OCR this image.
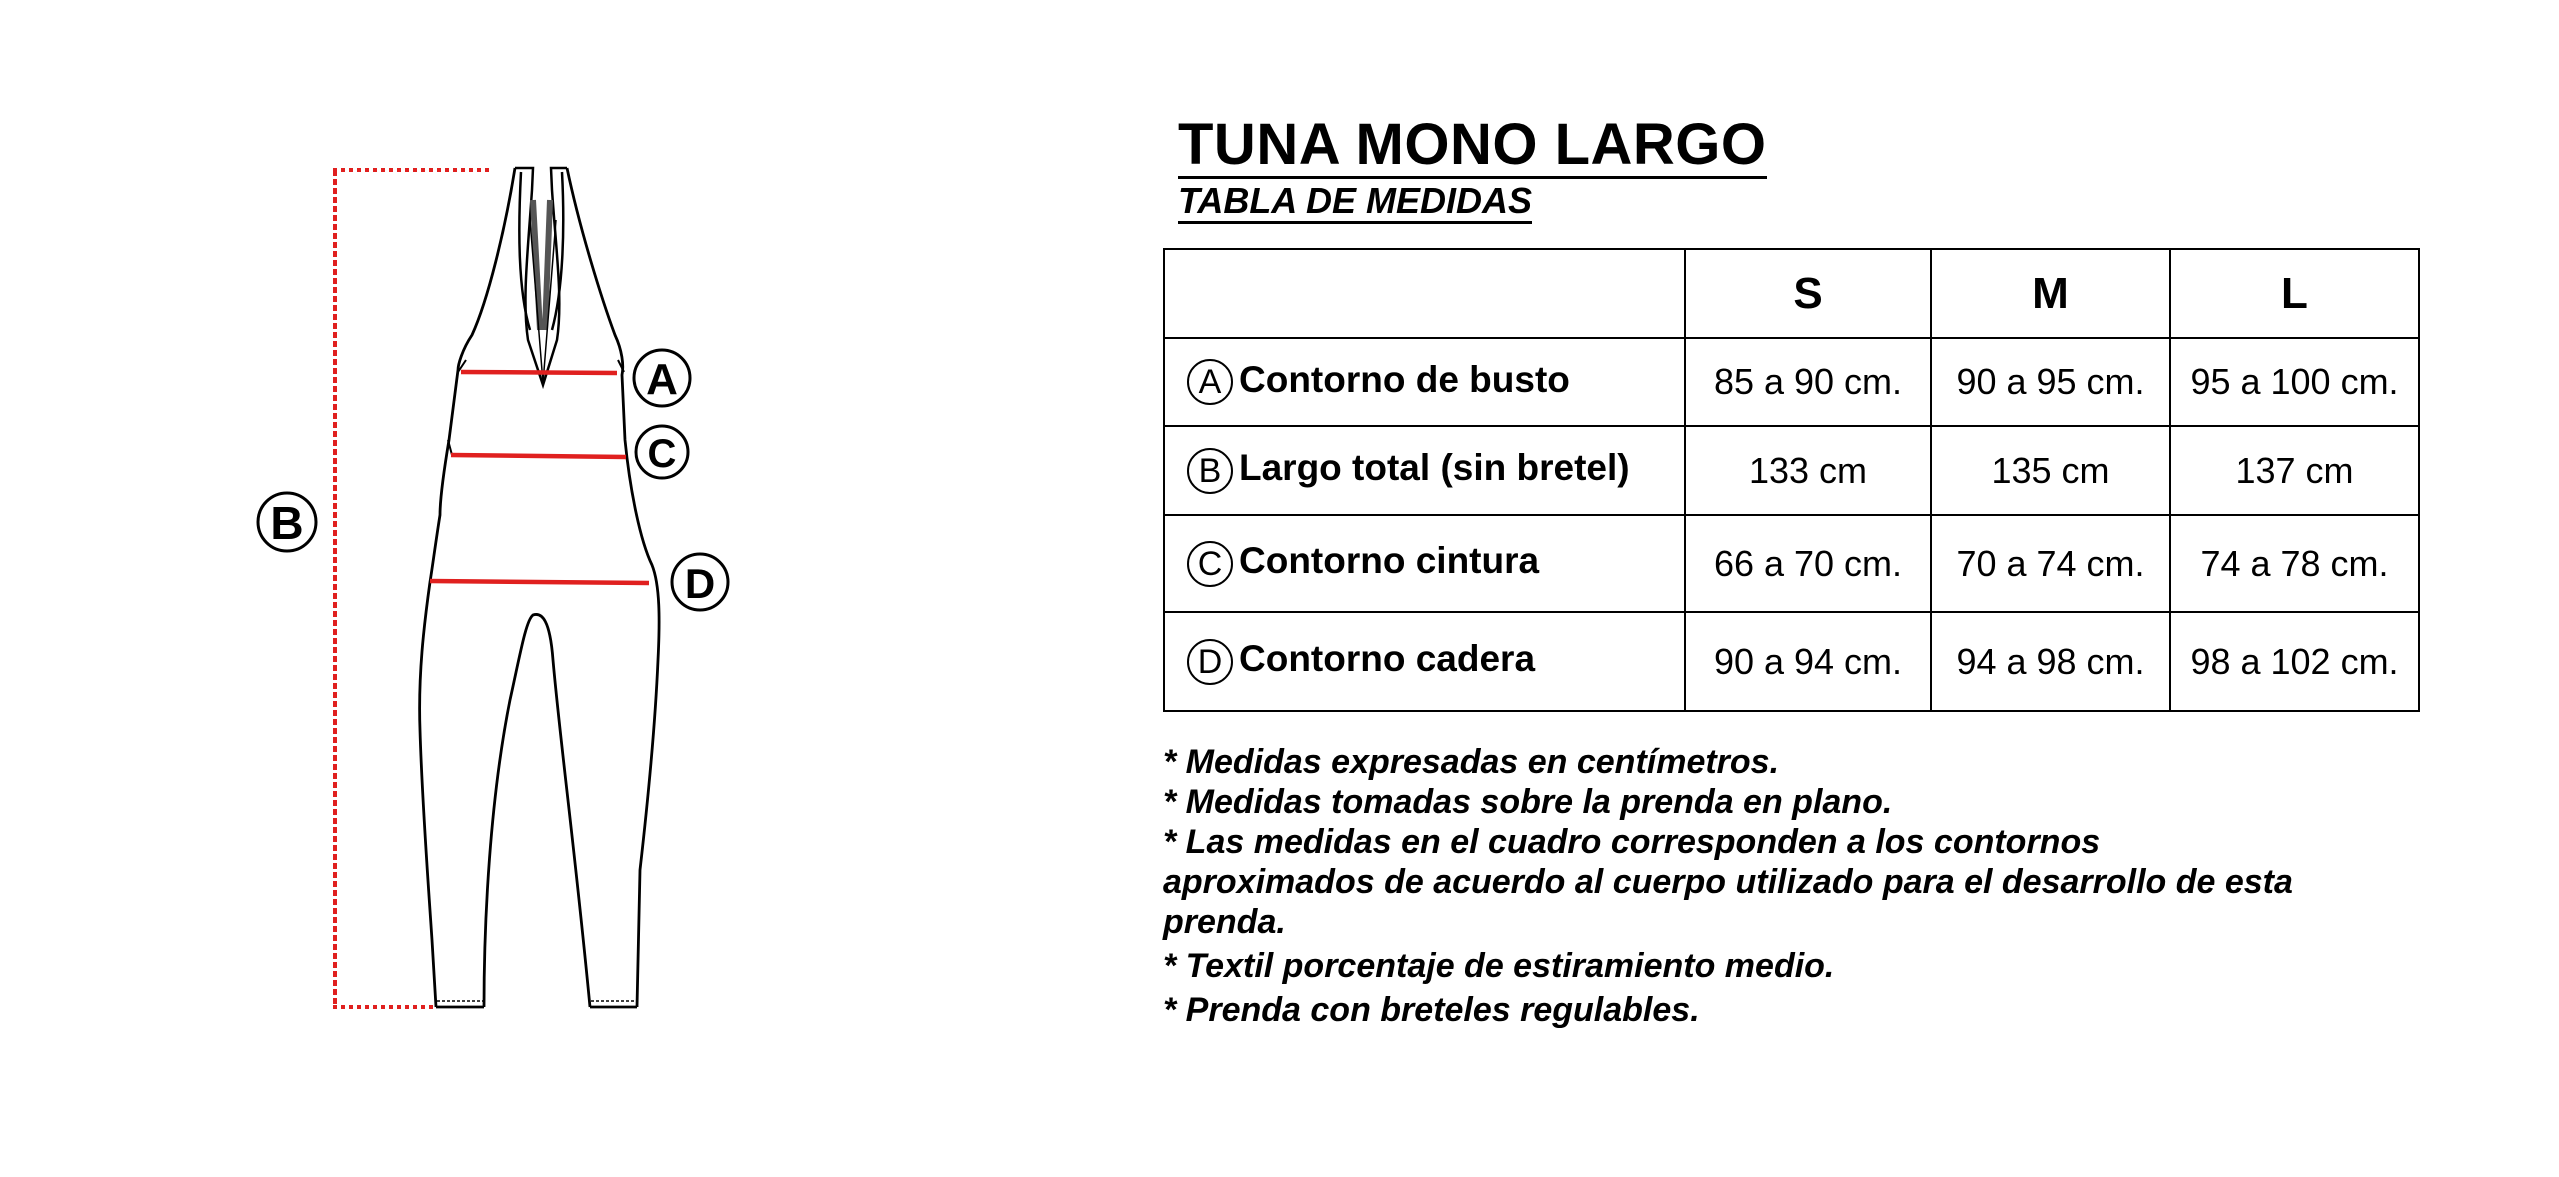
A
C
D
B
TUNA MONO LARGO
TABLA DE MEDIDAS
	S	M	L
A Contorno de busto	85 a 90 cm.	90 a 95 cm.	95 a 100 cm.
B Largo total (sin bretel)	133 cm	135 cm	137 cm
C Contorno cintura	66 a 70 cm.	70 a 74 cm.	74 a 78 cm.
D Contorno cadera	90 a 94 cm.	94 a 98 cm.	98 a 102 cm.

* Medidas expresadas en centímetros.

* Medidas tomadas sobre la prenda en plano.

* Las medidas en el cuadro corresponden a los contornos aproximados de acuerdo al cuerpo utilizado para el desarrollo de esta prenda.

* Textil porcentaje de estiramiento medio.

* Prenda con breteles regulables.
